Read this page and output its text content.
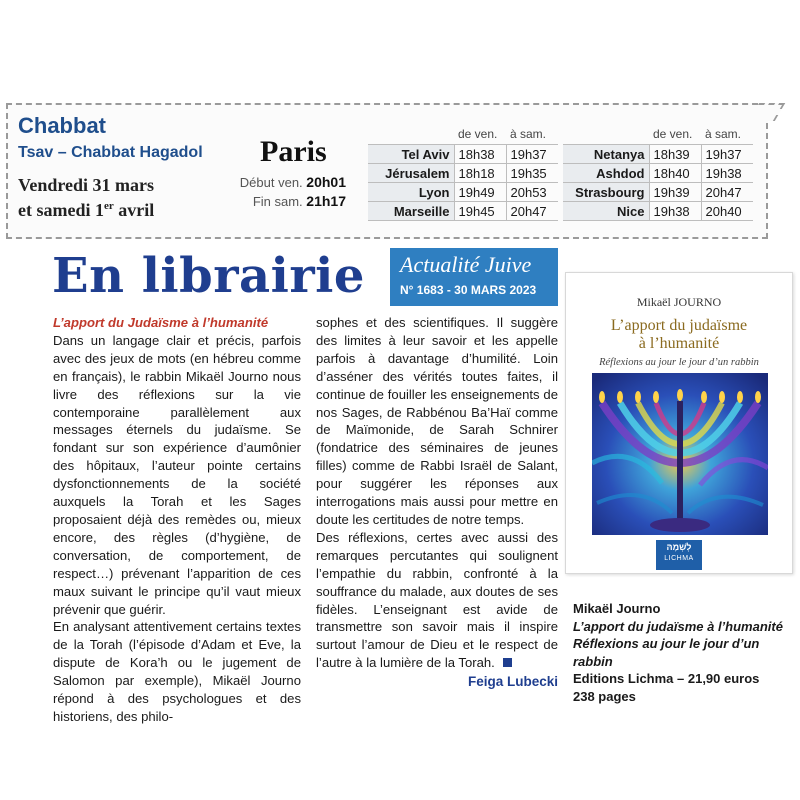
Chabbat
Tsav – Chabbat Hagadol
Vendredi 31 mars
et samedi 1er avril
Paris
Début ven. 20h01
Fin sam. 21h17
	de ven.	à sam.
Tel Aviv	18h38	19h37
Jérusalem	18h18	19h35
Lyon	19h49	20h53
Marseille	19h45	20h47
	de ven.	à sam.
Netanya	18h39	19h37
Ashdod	18h40	19h38
Strasbourg	19h39	20h47
Nice	19h38	20h40
En librairie Actualité Juive
N° 1683 - 30 MARS 2023
L’apport du Judaïsme à l’humanité

Dans un langage clair et précis, parfois avec des jeux de mots (en hébreu comme en français), le rabbin Mikaël Journo nous livre des réflexions sur la vie contemporaine parallèlement aux messages éternels du judaïsme. Se fondant sur son expérience d’aumônier des hôpitaux, l’auteur pointe certains dysfonctionnements de la société auxquels la Torah et les Sages proposaient déjà des remèdes ou, mieux encore, des règles (d’hygiène, de conversation, de comportement, de respect…) prévenant l’apparition de ces maux suivant le principe qu’il vaut mieux prévenir que guérir.

En analysant attentivement certains textes de la Torah (l’épisode d’Adam et Eve, la dispute de Kora’h ou le jugement de Salomon par exemple), Mikaël Journo répond à des psychologues et des historiens, des philo-

sophes et des scientifiques. Il suggère des limites à leur savoir et les appelle parfois à davantage d’humilité. Loin d’asséner des vérités toutes faites, il continue de fouiller les enseignements de nos Sages, de Rabbénou Ba’Haï comme de Maïmonide, de Sarah Schnirer (fondatrice des séminaires de jeunes filles) comme de Rabbi Israël de Salant, pour suggérer les réponses aux interrogations mais aussi pour mettre en doute les certitudes de notre temps.

Des réflexions, certes avec aussi des remarques percutantes qui soulignent l’empathie du rabbin, confronté à la souffrance du malade, aux doutes de ses fidèles. L’enseignant est avide de transmettre son savoir mais il inspire surtout l’amour de Dieu et le respect de l’autre à la lumière de la Torah.

Feiga Lubecki
Mikaël JOURNO
L’apport du judaïsme
à l’humanité
Réflexions au jour le jour d’un rabbin
לְשְׁמָהּ
LICHMA
Mikaël Journo
L’apport du judaïsme à l’humanité
Réflexions au jour le jour d’un rabbin
Editions Lichma – 21,90 euros
238 pages
